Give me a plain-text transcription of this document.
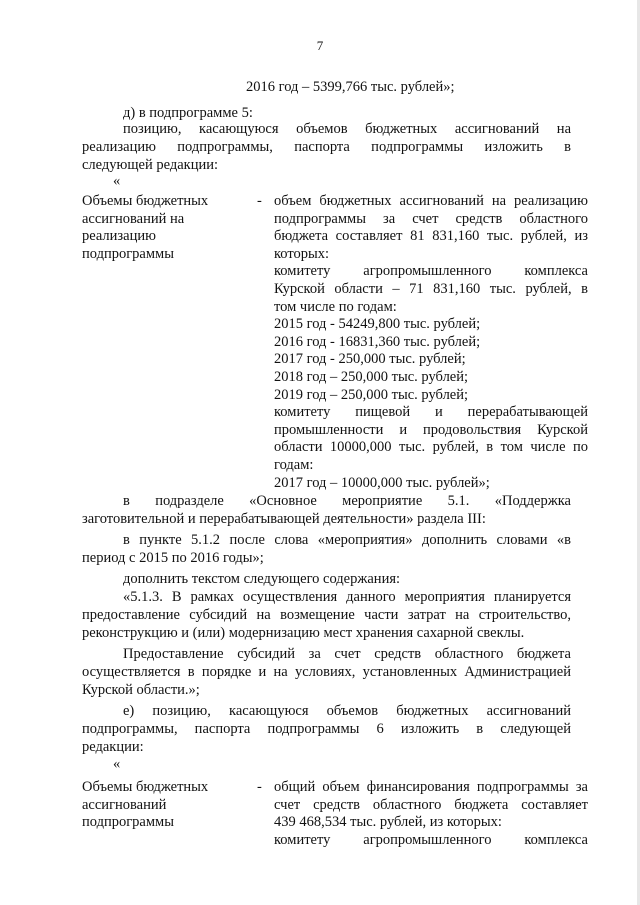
7
2016 год – 5399,766 тыс. рублей»;
д) в подпрограмме 5:
позицию, касающуюся объемов бюджетных ассигнований на
реализацию подпрограммы, паспорта подпрограммы изложить в
следующей редакции:
«
Объемы бюджетных
ассигнований на
реализацию
подпрограммы
- объем бюджетных ассигнований на реализацию
подпрограммы за счет средств областного
бюджета составляет 81 831,160 тыс. рублей, из
которых:
комитету агропромышленного комплекса
Курской области – 71 831,160 тыс. рублей, в
том числе по годам:
2015 год - 54249,800 тыс. рублей;
2016 год - 16831,360 тыс. рублей;
2017 год - 250,000 тыс. рублей;
2018 год – 250,000 тыс. рублей;
2019 год – 250,000 тыс. рублей;
комитету пищевой и перерабатывающей
промышленности и продовольствия Курской
области 10000,000 тыс. рублей, в том числе по
годам:
2017 год – 10000,000 тыс. рублей»;
в подразделе «Основное мероприятие 5.1. «Поддержка
заготовительной и перерабатывающей деятельности» раздела III:
в пункте 5.1.2 после слова «мероприятия» дополнить словами «в
период с 2015 по 2016 годы»;
дополнить текстом следующего содержания:
«5.1.3. В рамках осуществления данного мероприятия планируется
предоставление субсидий на возмещение части затрат на строительство,
реконструкцию и (или) модернизацию мест хранения сахарной свеклы.
Предоставление субсидий за счет средств областного бюджета
осуществляется в порядке и на условиях, установленных Администрацией
Курской области.»;
е) позицию, касающуюся объемов бюджетных ассигнований
подпрограммы, паспорта подпрограммы 6 изложить в следующей
редакции:
«
Объемы бюджетных
ассигнований
подпрограммы
- общий объем финансирования подпрограммы за
счет средств областного бюджета составляет
439 468,534 тыс. рублей, из которых:
комитету агропромышленного комплекса
